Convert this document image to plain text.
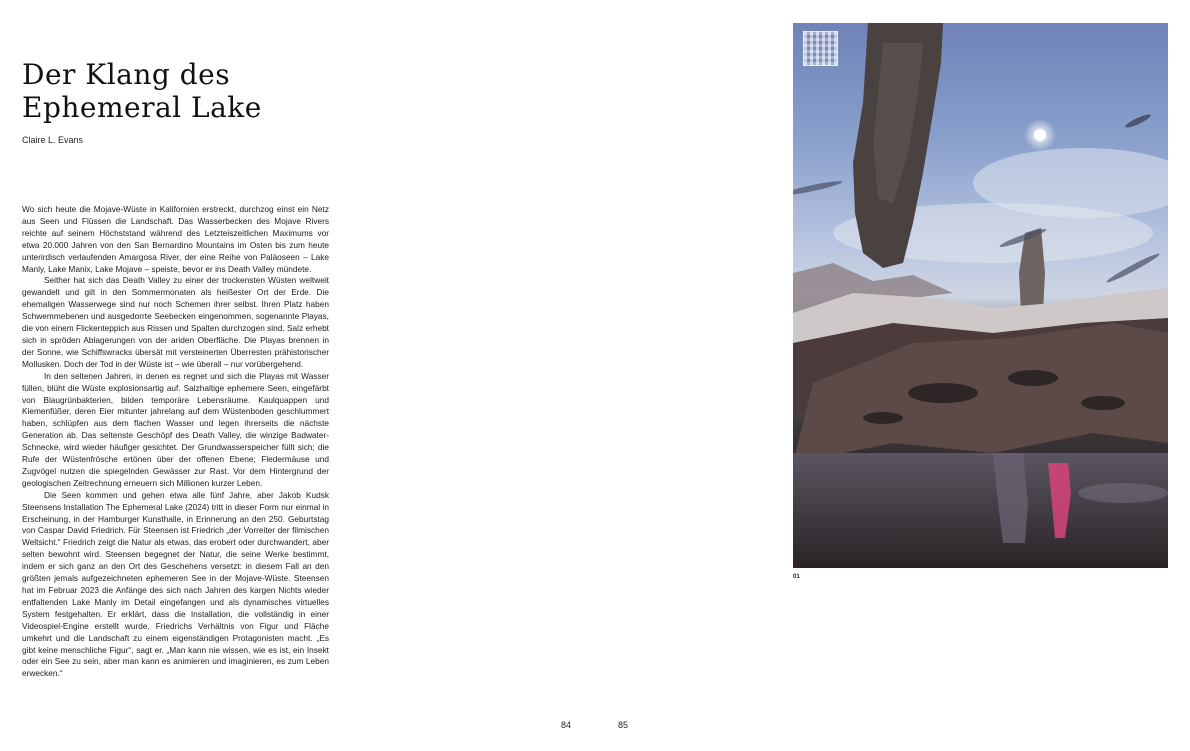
Der Klang des
Ephemeral Lake
Claire L. Evans

Wo sich heute die Mojave-Wüste in Kalifornien erstreckt, durchzog einst ein Netz aus Seen und Flüssen die Landschaft. Das Wasserbecken des Mojave Rivers reichte auf seinem Höchststand während des Letzteiszeitlichen Maximums vor etwa 20.000 Jahren von den San Bernardino Mountains im Osten bis zum heute unterirdisch verlaufenden Amargosa River, der eine Reihe von Paläoseen – Lake Manly, Lake Manix, Lake Mojave – speiste, bevor er ins Death Valley mündete.

Seither hat sich das Death Valley zu einer der trockensten Wüsten weltweit gewandelt und gilt in den Sommermonaten als heißester Ort der Erde. Die ehemaligen Wasserwege sind nur noch Schemen ihrer selbst. Ihren Platz haben Schwemmebenen und ausgedorrte Seebecken eingenommen, sogenannte Playas, die von einem Flickenteppich aus Rissen und Spalten durchzogen sind. Salz erhebt sich in spröden Ablagerungen von der ariden Oberfläche. Die Playas brennen in der Sonne, wie Schiffswracks übersät mit versteinerten Überresten prähistorischer Mollusken. Doch der Tod in der Wüste ist – wie überall – nur vorübergehend.

In den seltenen Jahren, in denen es regnet und sich die Playas mit Wasser füllen, blüht die Wüste explosionsartig auf. Salzhaltige ephemere Seen, eingefärbt von Blaugrünbakterien, bilden temporäre Lebensräume. Kaulquappen und Kiemenfüßer, deren Eier mitunter jahrelang auf dem Wüstenboden geschlummert haben, schlüpfen aus dem flachen Wasser und legen ihrerseits die nächste Generation ab. Das seltenste Geschöpf des Death Valley, die winzige Badwater-Schnecke, wird wieder häufiger gesichtet. Der Grundwasserspeicher füllt sich; die Rufe der Wüstenfrösche ertönen über der offenen Ebene; Fledermäuse und Zugvögel nutzen die spiegelnden Gewässer zur Rast. Vor dem Hintergrund der geologischen Zeitrechnung erneuern sich Millionen kurzer Leben.

Die Seen kommen und gehen etwa alle fünf Jahre, aber Jakob Kudsk Steensens Installation The Ephemeral Lake (2024) tritt in dieser Form nur einmal in Erscheinung, in der Hamburger Kunsthalle, in Erinnerung an den 250. Geburtstag von Caspar David Friedrich. Für Steensen ist Friedrich „der Vorreiter der filmischen Weltsicht.“ Friedrich zeigt die Natur als etwas, das erobert oder durchwandert, aber selten bewohnt wird. Steensen begegnet der Natur, die seine Werke bestimmt, indem er sich ganz an den Ort des Geschehens versetzt: in diesem Fall an den größten jemals aufgezeichneten ephemeren See in der Mojave-Wüste. Steensen hat im Februar 2023 die Anfänge des sich nach Jahren des kargen Nichts wieder entfaltenden Lake Manly im Detail eingefangen und als dynamisches virtuelles System festgehalten. Er erklärt, dass die Installation, die vollständig in einer Videospiel-Engine erstellt wurde, Friedrichs Verhältnis von Figur und Fläche umkehrt und die Landschaft zu einem eigenständigen Protagonisten macht. „Es gibt keine menschliche Figur“, sagt er. „Man kann nie wissen, wie es ist, ein Insekt oder ein See zu sein, aber man kann es animieren und imaginieren, es zum Leben erwecken.“

84	85
01
